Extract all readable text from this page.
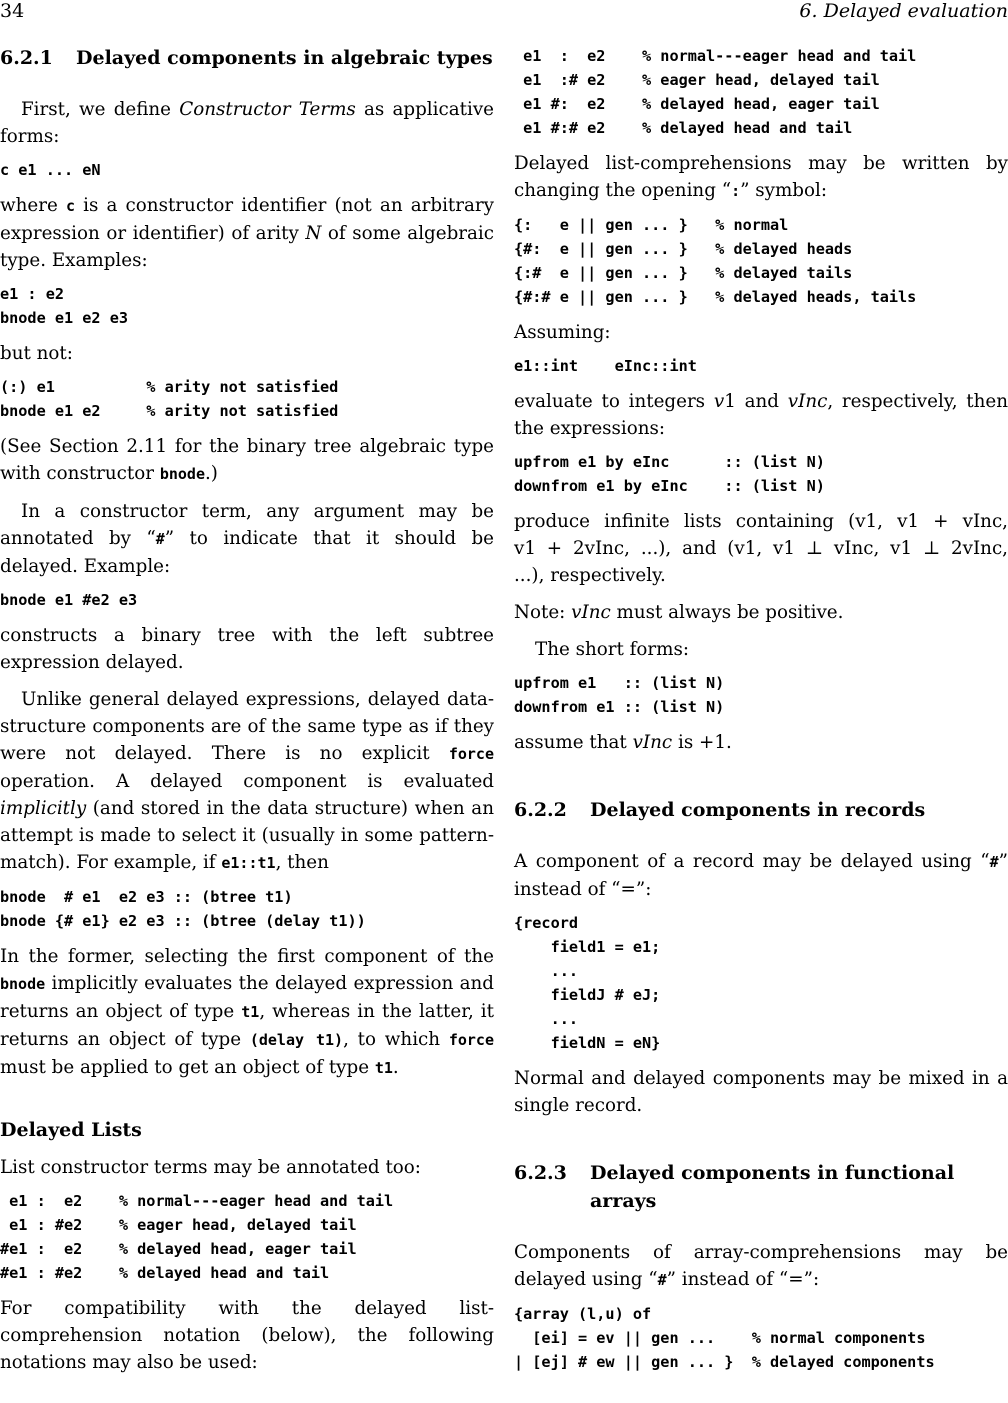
34	6. Delayed evaluation
6.2.1	Delayed components in algebraic types

First, we define Constructor Terms as applicative forms:

c e1 ... eN

where c is a constructor identifier (not an arbitrary expression or identifier) of arity N of some algebraic type. Examples:

e1 : e2
bnode e1 e2 e3

but not:

(:) e1          % arity not satisfied
bnode e1 e2     % arity not satisfied

(See Section 2.11 for the binary tree algebraic type with constructor bnode.)

In a constructor term, any argument may be annotated by “#” to indicate that it should be delayed. Example:

bnode e1 #e2 e3

constructs a binary tree with the left subtree expression delayed.

Unlike general delayed expressions, delayed data-structure components are of the same type as if they were not delayed. There is no explicit force operation. A delayed component is evaluated implicitly (and stored in the data structure) when an attempt is made to select it (usually in some pattern-match). For example, if e1::t1, then

bnode  # e1  e2 e3 :: (btree t1)
bnode {# e1} e2 e3 :: (btree (delay t1))

In the former, selecting the first component of the bnode implicitly evaluates the delayed expression and returns an object of type t1, whereas in the latter, it returns an object of type (delay t1), to which force must be applied to get an object of type t1.

Delayed Lists

List constructor terms may be annotated too:

e1 :  e2    % normal---eager head and tail
e1 : #e2    % eager head, delayed tail
#e1 :  e2    % delayed head, eager tail
#e1 : #e2    % delayed head and tail

For compatibility with the delayed list-comprehension notation (below), the following notations may also be used:

e1  :  e2    % normal---eager head and tail
e1  :# e2    % eager head, delayed tail
e1 #:  e2    % delayed head, eager tail
e1 #:# e2    % delayed head and tail

Delayed list-comprehensions may be written by changing the opening “:” symbol:

{:   e || gen ... }   % normal
{#:  e || gen ... }   % delayed heads
{:#  e || gen ... }   % delayed tails
{#:# e || gen ... }   % delayed heads, tails

Assuming:

e1::int    eInc::int

evaluate to integers v1 and vInc, respectively, then the expressions:

upfrom e1 by eInc      :: (list N)
downfrom e1 by eInc    :: (list N)

produce infinite lists containing (v1, v1 + vInc,

v1 + 2vInc, ...), and (v1, v1 ⊥ vInc, v1 ⊥ 2vInc,

...), respectively.

Note: vInc must always be positive.

The short forms:

upfrom e1   :: (list N)
downfrom e1 :: (list N)

assume that vInc is +1.

6.2.2	Delayed components in records

A component of a record may be delayed using “#” instead of “=”:

{record
field1 = e1;
...
fieldJ # eJ;
...
fieldN = eN}

Normal and delayed components may be mixed in a single record.

6.2.3	Delayed components in functional arrays

Components of array-comprehensions may be delayed using “#” instead of “=”:

{array (l,u) of
[ei] = ev || gen ...    % normal components
| [ej] # ew || gen ... }  % delayed components
